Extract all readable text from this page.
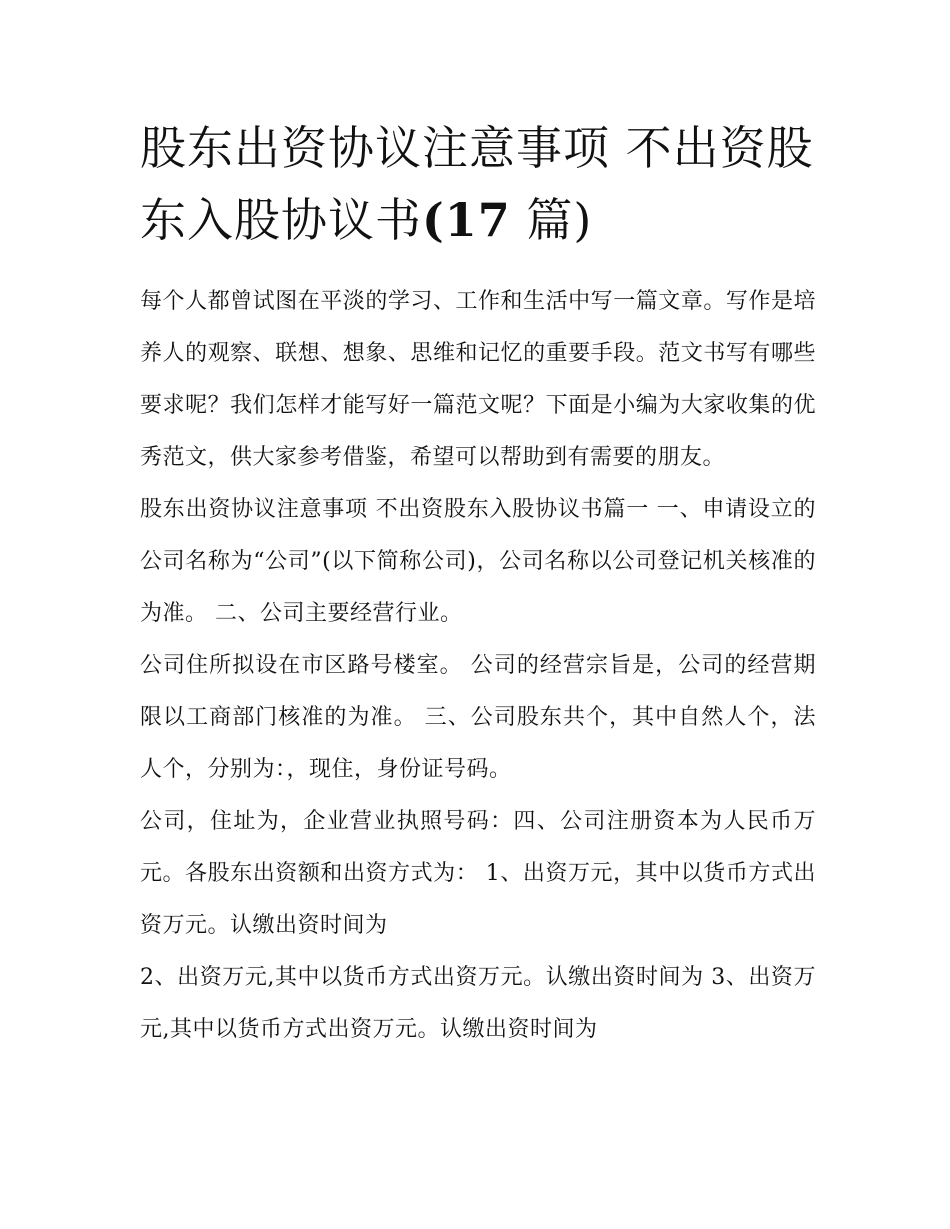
股东出资协议注意事项 不出资股东入股协议书(17 篇)

每个人都曾试图在平淡的学习、工作和生活中写一篇文章。写作是培养人的观察、联想、想象、思维和记忆的重要手段。范文书写有哪些要求呢？我们怎样才能写好一篇范文呢？下面是小编为大家收集的优秀范文，供大家参考借鉴，希望可以帮助到有需要的朋友。

股东出资协议注意事项 不出资股东入股协议书篇一 一、申请设立的公司名称为“公司”(以下简称公司)，公司名称以公司登记机关核准的为准。 二、公司主要经营行业。

公司住所拟设在市区路号楼室。 公司的经营宗旨是，公司的经营期限以工商部门核准的为准。 三、公司股东共个，其中自然人个，法人个，分别为：，现住，身份证号码。

公司，住址为，企业营业执照号码：四、公司注册资本为人民币万元。各股东出资额和出资方式为： 1、出资万元，其中以货币方式出资万元。认缴出资时间为

2、出资万元,其中以货币方式出资万元。认缴出资时间为 3、出资万元,其中以货币方式出资万元。认缴出资时间为
